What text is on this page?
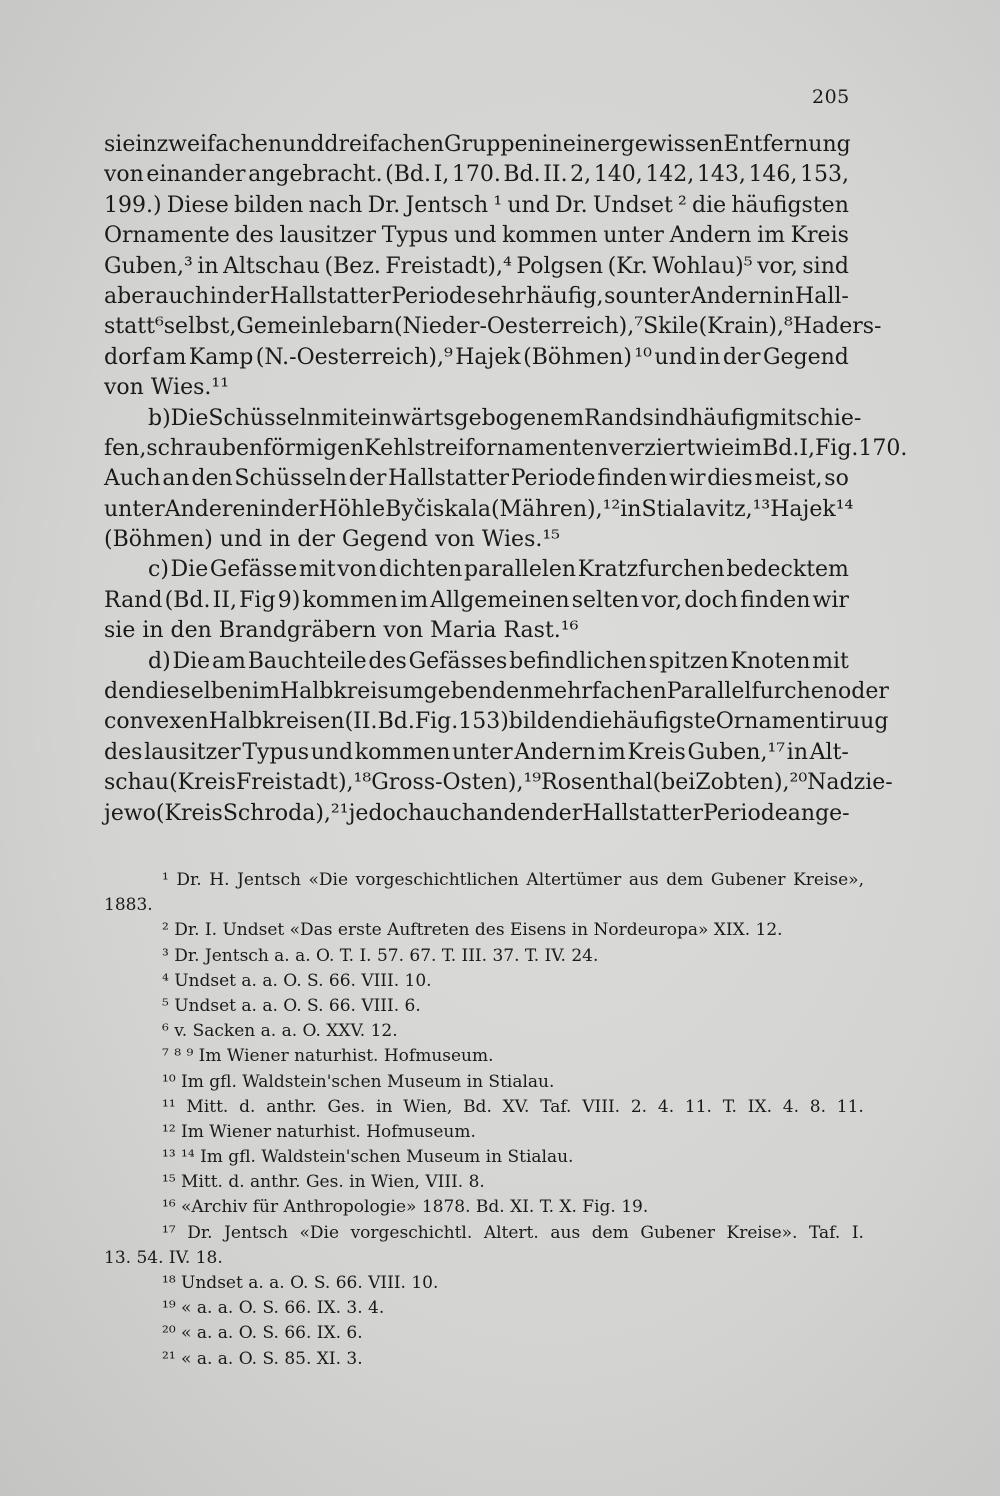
205
sie in zweifachen und dreifachen Gruppen in einer gewissen Entfernung
von einander angebracht. (Bd. I, 170. Bd. II. 2, 140, 142, 143, 146, 153,
199.) Diese bilden nach Dr. Jentsch ¹ und Dr. Undset ² die häufigsten
Ornamente des lausitzer Typus und kommen unter Andern im Kreis
Guben,³ in Altschau (Bez. Freistadt),⁴ Polgsen (Kr. Wohlau)⁵ vor, sind
aber auch in der Hallstatter Periode sehr häufig, so unter Andern in Hall-
statt ⁶ selbst, Gemeinlebarn (Nieder-Oesterreich),⁷ Skile (Krain),⁸ Haders-
dorf am Kamp (N.-Oesterreich),⁹ Hajek (Böhmen) ¹⁰ und in der Gegend
von Wies.¹¹
b) Die Schüsseln mit einwärts gebogenem Rand sind häufig mit schie-
fen, schraubenförmigen Kehlstreifornamenten verziert wie im Bd. I, Fig. 170.
Auch an den Schüsseln der Hallstatter Periode finden wir dies meist, so
unter Anderen in der Höhle Byčiskala (Mähren),¹² in Stialavitz,¹³ Hajek¹⁴
(Böhmen) und in der Gegend von Wies.¹⁵
c) Die Gefässe mit von dichten parallelen Kratzfurchen bedecktem
Rand (Bd. II, Fig 9) kommen im Allgemeinen selten vor, doch finden wir
sie in den Brandgräbern von Maria Rast.¹⁶
d) Die am Bauchteile des Gefässes befindlichen spitzen Knoten mit
den dieselben im Halbkreis umgebenden mehrfachen Parallelfurchen oder
convexen Halbkreisen (II. Bd. Fig. 153) bilden die häufigste Ornamentiruug
des lausitzer Typus und kommen unter Andern im Kreis Guben,¹⁷ in Alt-
schau (Kreis Freistadt),¹⁸ Gross-Osten),¹⁹ Rosenthal (bei Zobten),²⁰ Nadzie-
jewo (Kreis Schroda),²¹ jedoch auch an den der Hallstatter Periode ange-
¹ Dr. H. Jentsch «Die vorgeschichtlichen Altertümer aus dem Gubener Kreise»,
1883.
² Dr. I. Undset «Das erste Auftreten des Eisens in Nordeuropa» XIX. 12.
³ Dr. Jentsch a. a. O. T. I. 57. 67. T. III. 37. T. IV. 24.
⁴ Undset a. a. O. S. 66. VIII. 10.
⁵ Undset a. a. O. S. 66. VIII. 6.
⁶ v. Sacken a. a. O. XXV. 12.
⁷ ⁸ ⁹ Im Wiener naturhist. Hofmuseum.
¹⁰ Im gfl. Waldstein'schen Museum in Stialau.
¹¹ Mitt. d. anthr. Ges. in Wien, Bd. XV. Taf. VIII. 2. 4. 11. T. IX. 4. 8. 11.
¹² Im Wiener naturhist. Hofmuseum.
¹³ ¹⁴ Im gfl. Waldstein'schen Museum in Stialau.
¹⁵ Mitt. d. anthr. Ges. in Wien, VIII. 8.
¹⁶ «Archiv für Anthropologie» 1878. Bd. XI. T. X. Fig. 19.
¹⁷ Dr. Jentsch «Die vorgeschichtl. Altert. aus dem Gubener Kreise». Taf. I.
13. 54. IV. 18.
¹⁸ Undset a. a. O. S. 66. VIII. 10.
¹⁹ « a. a. O. S. 66. IX. 3. 4.
²⁰ « a. a. O. S. 66. IX. 6.
²¹ « a. a. O. S. 85. XI. 3.
